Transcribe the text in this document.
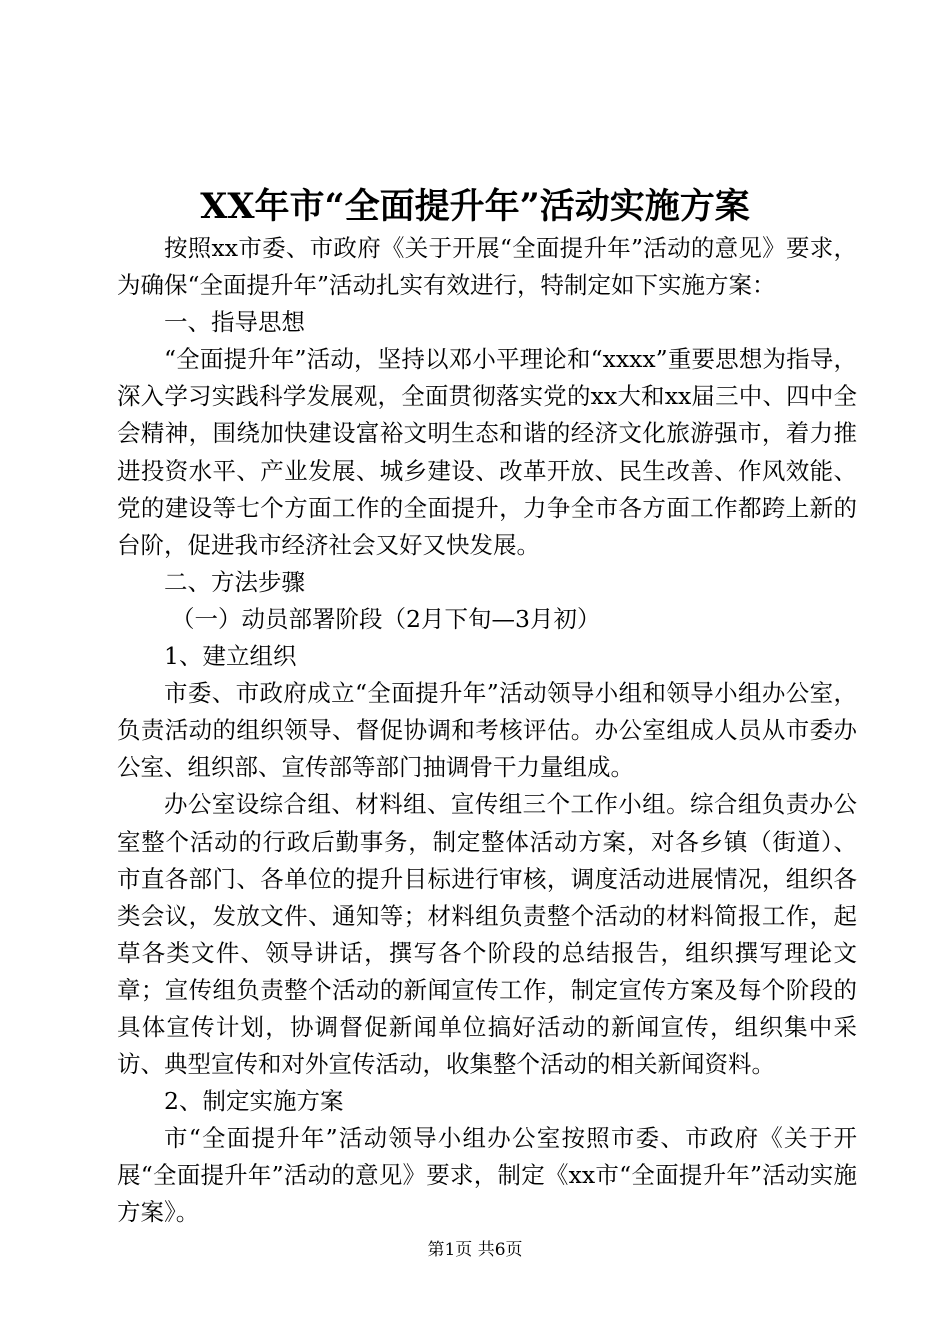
XX年市“全面提升年”活动实施方案

按照xx市委、市政府《关于开展“全面提升年”活动的意见》要求，为确保“全面提升年”活动扎实有效进行，特制定如下实施方案：

一、指导思想

“全面提升年”活动，坚持以邓小平理论和“xxxx”重要思想为指导，深入学习实践科学发展观，全面贯彻落实党的xx大和xx届三中、四中全会精神，围绕加快建设富裕文明生态和谐的经济文化旅游强市，着力推进投资水平、产业发展、城乡建设、改革开放、民生改善、作风效能、党的建设等七个方面工作的全面提升，力争全市各方面工作都跨上新的台阶，促进我市经济社会又好又快发展。

二、方法步骤

（一）动员部署阶段（2月下旬—3月初）

1、建立组织

市委、市政府成立“全面提升年”活动领导小组和领导小组办公室，负责活动的组织领导、督促协调和考核评估。办公室组成人员从市委办公室、组织部、宣传部等部门抽调骨干力量组成。

办公室设综合组、材料组、宣传组三个工作小组。综合组负责办公室整个活动的行政后勤事务，制定整体活动方案，对各乡镇（街道）、市直各部门、各单位的提升目标进行审核，调度活动进展情况，组织各类会议，发放文件、通知等；材料组负责整个活动的材料简报工作，起草各类文件、领导讲话，撰写各个阶段的总结报告，组织撰写理论文章；宣传组负责整个活动的新闻宣传工作，制定宣传方案及每个阶段的具体宣传计划，协调督促新闻单位搞好活动的新闻宣传，组织集中采访、典型宣传和对外宣传活动，收集整个活动的相关新闻资料。

2、制定实施方案

市“全面提升年”活动领导小组办公室按照市委、市政府《关于开展“全面提升年”活动的意见》要求，制定《xx市“全面提升年”活动实施方案》。

第1页 共6页
